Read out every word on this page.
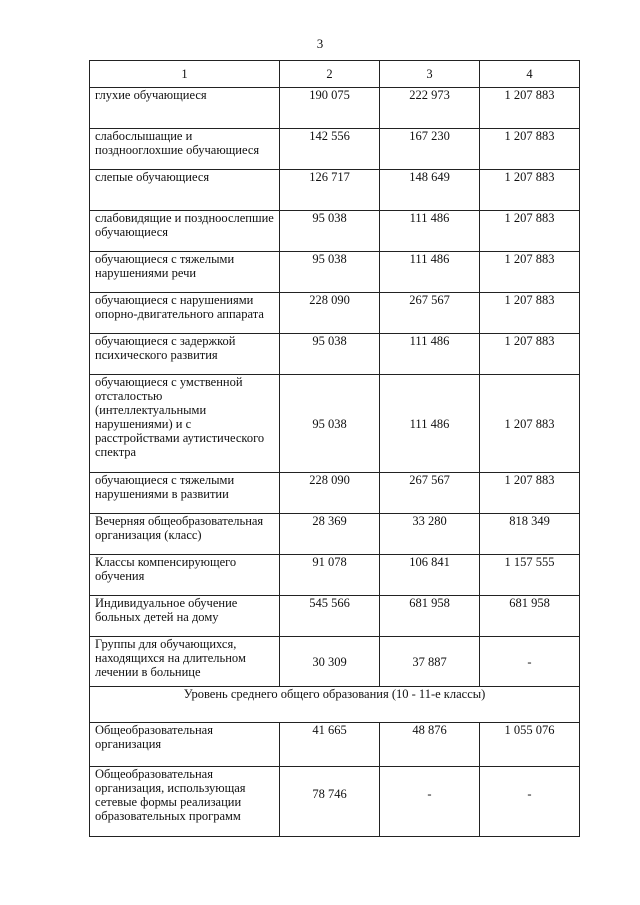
3
1	2	3	4
глухие обучающиеся	190 075	222 973	1 207 883
слабослышащие и позднооглохшие обучающиеся	142 556	167 230	1 207 883
слепые обучающиеся	126 717	148 649	1 207 883
слабовидящие и поздноослепшие обучающиеся	95 038	111 486	1 207 883
обучающиеся с тяжелыми нарушениями речи	95 038	111 486	1 207 883
обучающиеся с нарушениями опорно-двигательного аппарата	228 090	267 567	1 207 883
обучающиеся с задержкой психического развития	95 038	111 486	1 207 883
обучающиеся с умственной отсталостью (интеллектуальными нарушениями) и с расстройствами аутистического спектра	95 038	111 486	1 207 883
обучающиеся с тяжелыми нарушениями в развитии	228 090	267 567	1 207 883
Вечерняя общеобразовательная организация (класс)	28 369	33 280	818 349
Классы компенсирующего обучения	91 078	106 841	1 157 555
Индивидуальное обучение больных детей на дому	545 566	681 958	681 958
Группы для обучающихся, находящихся на длительном лечении в больнице	30 309	37 887	-
Уровень среднего общего образования (10 - 11-е классы)			
Общеобразовательная организация	41 665	48 876	1 055 076
Общеобразовательная организация, использующая сетевые формы реализации образовательных программ	78 746	-	-
